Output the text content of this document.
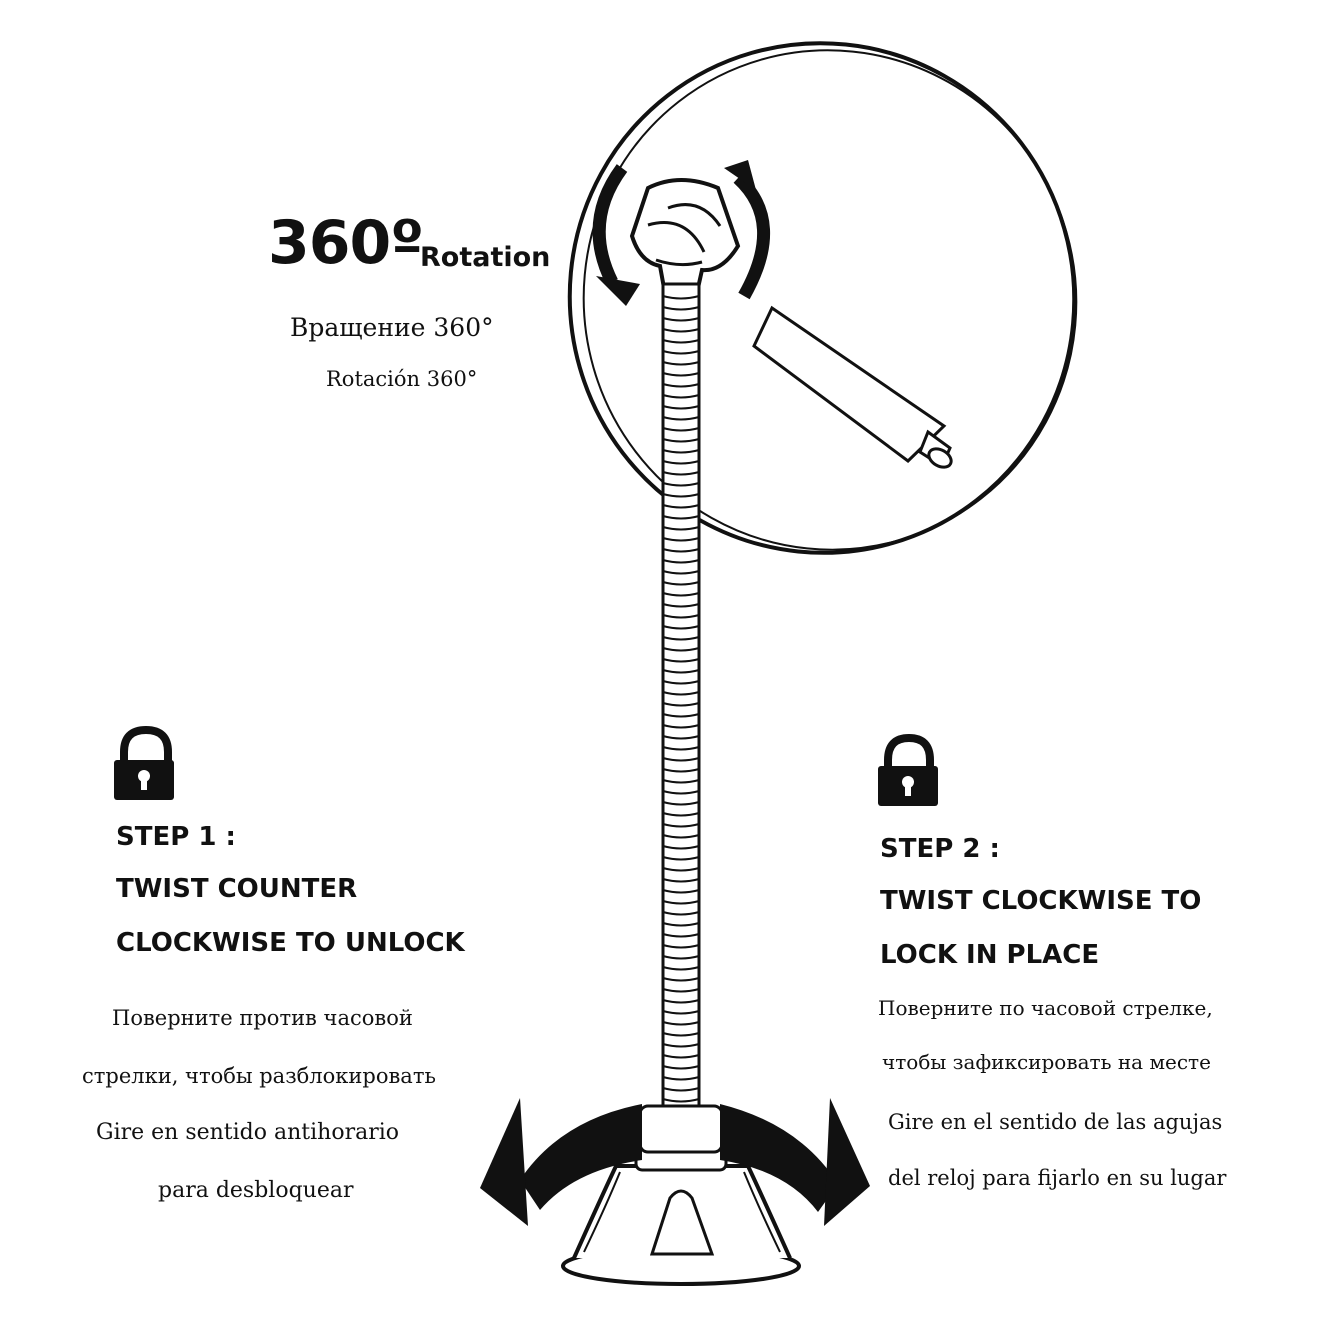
360º
Rotation
Вращение 360°
Rotación 360°
STEP 1 :
TWIST COUNTER
CLOCKWISE TO UNLOCK
Поверните против часовой
стрелки, чтобы разблокировать
Gire en sentido antihorario
para desbloquear
STEP 2 :
TWIST CLOCKWISE TO
LOCK IN PLACE
Поверните по часовой стрелке,
чтобы зафиксировать на месте
Gire en el sentido de las agujas
del reloj para fijarlo en su lugar
